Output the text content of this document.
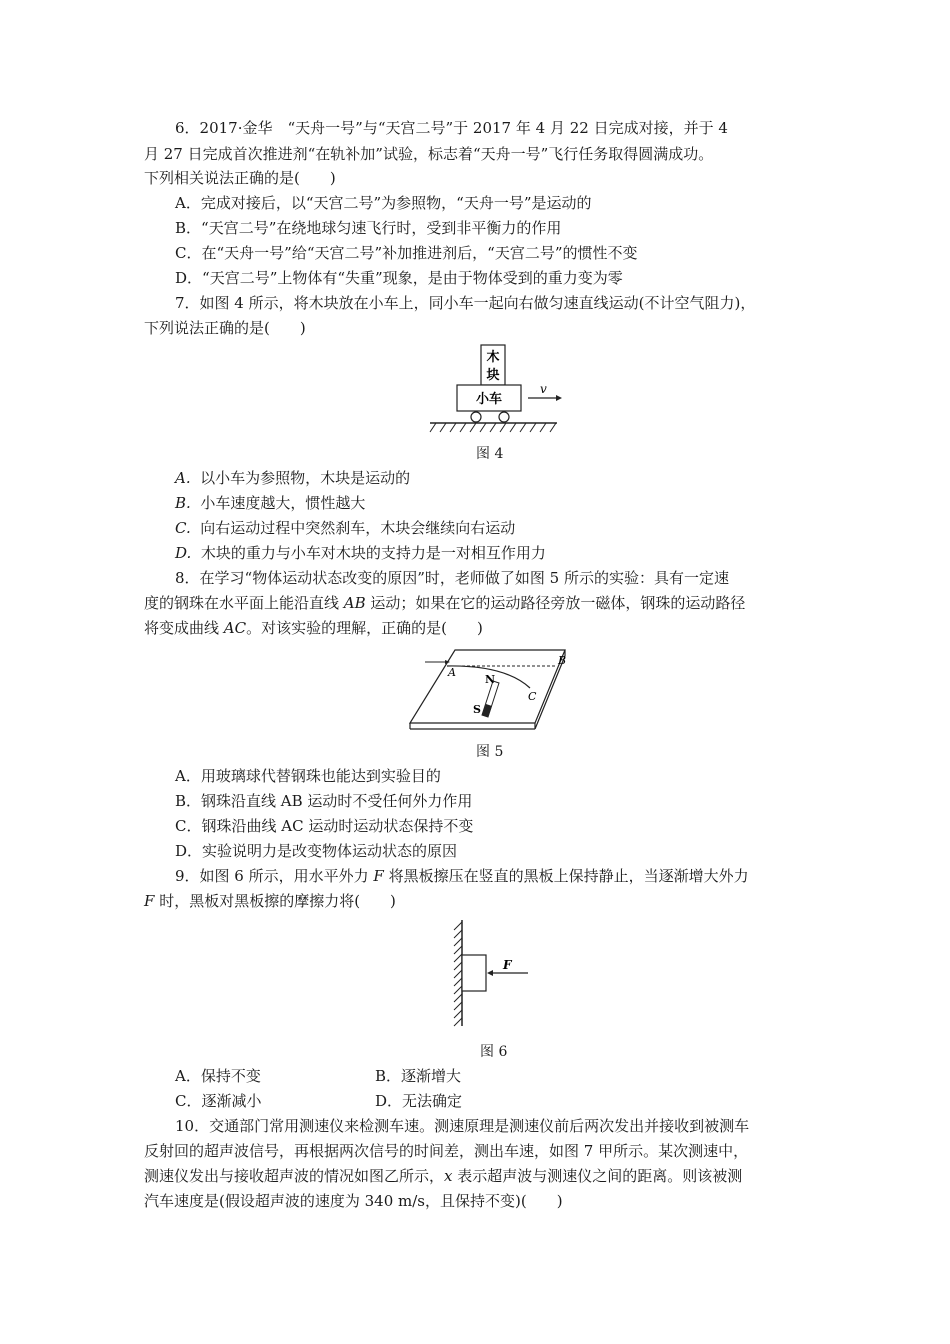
6．2017·金华　“天舟一号”与“天宫二号”于 2017 年 4 月 22 日完成对接，并于 4
月 27 日完成首次推进剂“在轨补加”试验，标志着“天舟一号”飞行任务取得圆满成功。
下列相关说法正确的是(　　)
A．完成对接后，以“天宫二号”为参照物，“天舟一号”是运动的
B．“天宫二号”在绕地球匀速飞行时，受到非平衡力的作用
C．在“天舟一号”给“天宫二号”补加推进剂后，“天宫二号”的惯性不变
D．“天宫二号”上物体有“失重”现象，是由于物体受到的重力变为零
7．如图 4 所示，将木块放在小车上，同小车一起向右做匀速直线运动(不计空气阻力)，
下列说法正确的是(　　)
木
块
小车
v
图 4
A. 以小车为参照物，木块是运动的
B. 小车速度越大，惯性越大
C. 向右运动过程中突然刹车，木块会继续向右运动
D. 木块的重力与小车对木块的支持力是一对相互作用力
8．在学习“物体运动状态改变的原因”时，老师做了如图 5 所示的实验：具有一定速
度的钢珠在水平面上能沿直线 AB 运动；如果在它的运动路径旁放一磁体，钢珠的运动路径
将变成曲线 AC。对该实验的理解，正确的是(　　)
B
A
C
N
S
图 5
A．用玻璃球代替钢珠也能达到实验目的
B．钢珠沿直线 AB 运动时不受任何外力作用
C．钢珠沿曲线 AC 运动时运动状态保持不变
D．实验说明力是改变物体运动状态的原因
9．如图 6 所示，用水平外力 F 将黑板擦压在竖直的黑板上保持静止，当逐渐增大外力
F 时，黑板对黑板擦的摩擦力将(　　)
F
图 6
A．保持不变	B．逐渐增大
C．逐渐减小	D．无法确定
10．交通部门常用测速仪来检测车速。测速原理是测速仪前后两次发出并接收到被测车
反射回的超声波信号，再根据两次信号的时间差，测出车速，如图 7 甲所示。某次测速中，
测速仪发出与接收超声波的情况如图乙所示，x 表示超声波与测速仪之间的距离。则该被测
汽车速度是(假设超声波的速度为 340 m/s，且保持不变)(　　)
